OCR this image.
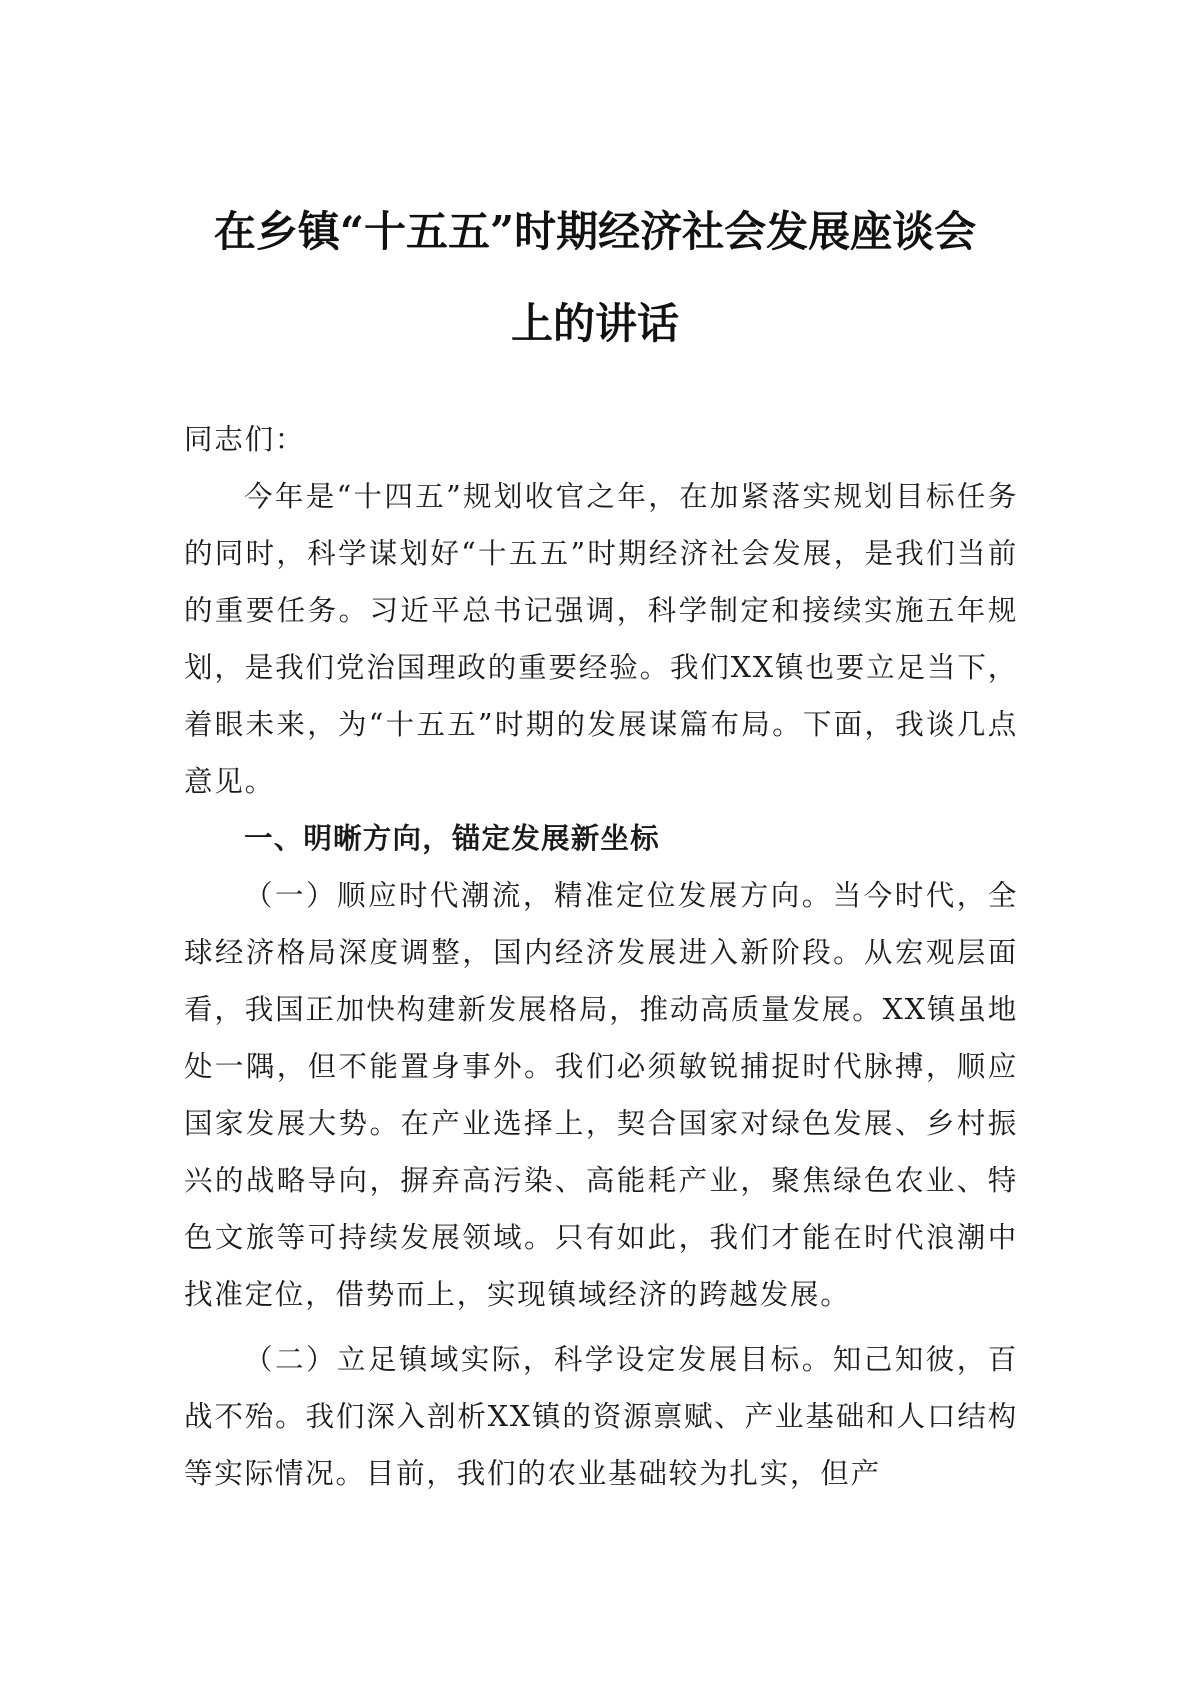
在乡镇“十五五”时期经济社会发展座谈会
上的讲话

同志们：

今年是“十四五”规划收官之年，在加紧落实规划目标任务的同时，科学谋划好“十五五”时期经济社会发展，是我们当前的重要任务。习近平总书记强调，科学制定和接续实施五年规划，是我们党治国理政的重要经验。我们XX镇也要立足当下，着眼未来，为“十五五”时期的发展谋篇布局。下面，我谈几点意见。

一、明晰方向，锚定发展新坐标

（一）顺应时代潮流，精准定位发展方向。当今时代，全球经济格局深度调整，国内经济发展进入新阶段。从宏观层面看，我国正加快构建新发展格局，推动高质量发展。XX镇虽地处一隅，但不能置身事外。我们必须敏锐捕捉时代脉搏，顺应国家发展大势。在产业选择上，契合国家对绿色发展、乡村振兴的战略导向，摒弃高污染、高能耗产业，聚焦绿色农业、特色文旅等可持续发展领域。只有如此，我们才能在时代浪潮中找准定位，借势而上，实现镇域经济的跨越发展。

（二）立足镇域实际，科学设定发展目标。知己知彼，百战不殆。我们深入剖析XX镇的资源禀赋、产业基础和人口结构等实际情况。目前，我们的农业基础较为扎实，但产
